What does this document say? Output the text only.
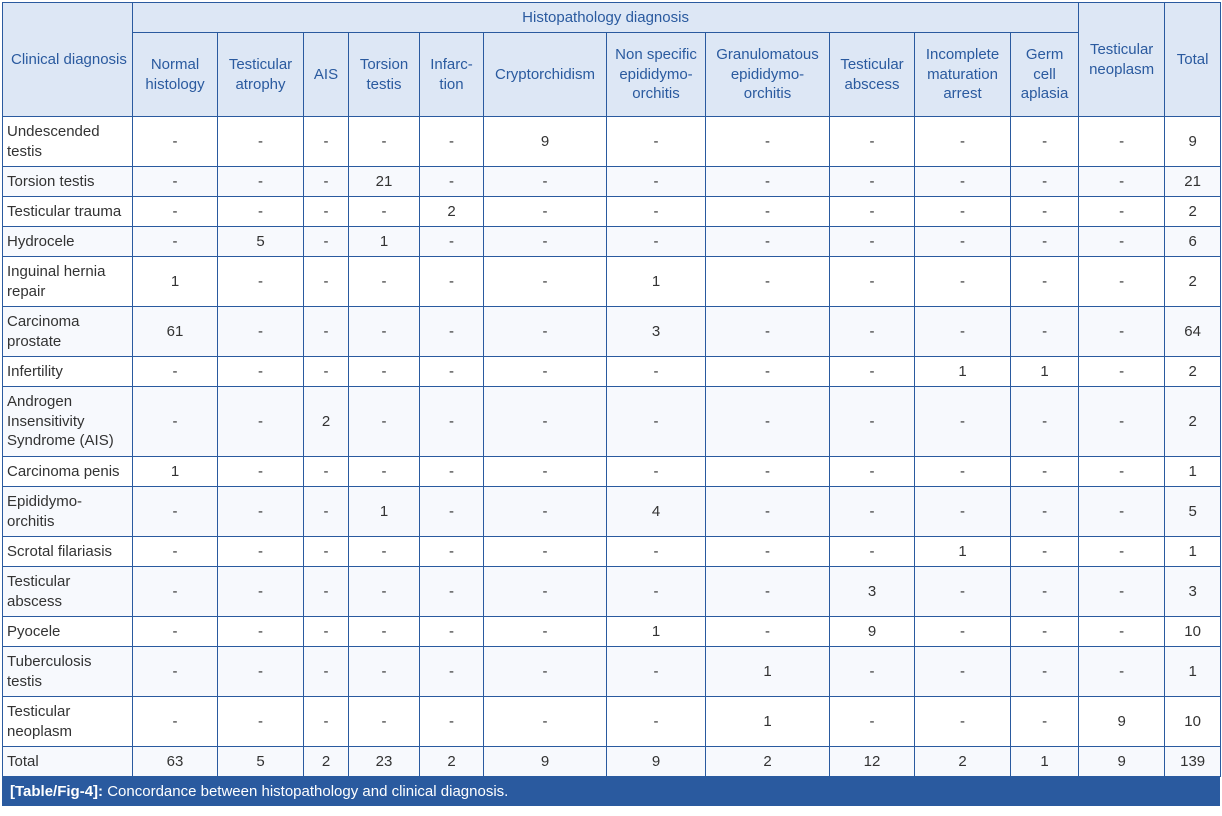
Clinical diagnosis	Histopathology diagnosis											Testicular neoplasm	Total
	Normal histology	Testicular atrophy	AIS	Torsion testis	Infarc- tion	Cryptorchidism	Non specific epididymo- orchitis	Granulomatous epididymo- orchitis	Testicular abscess	Incomplete maturation arrest	Germ cell aplasia		
Undescended testis	-	-	-	-	-	9	-	-	-	-	-	-	9
Torsion testis	-	-	-	21	-	-	-	-	-	-	-	-	21
Testicular trauma	-	-	-	-	2	-	-	-	-	-	-	-	2
Hydrocele	-	5	-	1	-	-	-	-	-	-	-	-	6
Inguinal hernia repair	1	-	-	-	-	-	1	-	-	-	-	-	2
Carcinoma prostate	61	-	-	-	-	-	3	-	-	-	-	-	64
Infertility	-	-	-	-	-	-	-	-	-	1	1	-	2
Androgen Insensitivity Syndrome (AIS)	-	-	2	-	-	-	-	-	-	-	-	-	2
Carcinoma penis	1	-	-	-	-	-	-	-	-	-	-	-	1
Epididymo- orchitis	-	-	-	1	-	-	4	-	-	-	-	-	5
Scrotal filariasis	-	-	-	-	-	-	-	-	-	1	-	-	1
Testicular abscess	-	-	-	-	-	-	-	-	3	-	-	-	3
Pyocele	-	-	-	-	-	-	1	-	9	-	-	-	10
Tuberculosis testis	-	-	-	-	-	-	-	1	-	-	-	-	1
Testicular neoplasm	-	-	-	-	-	-	-	1	-	-	-	9	10
Total	63	5	2	23	2	9	9	2	12	2	1	9	139
[Table/Fig-4]: Concordance between histopathology and clinical diagnosis.
